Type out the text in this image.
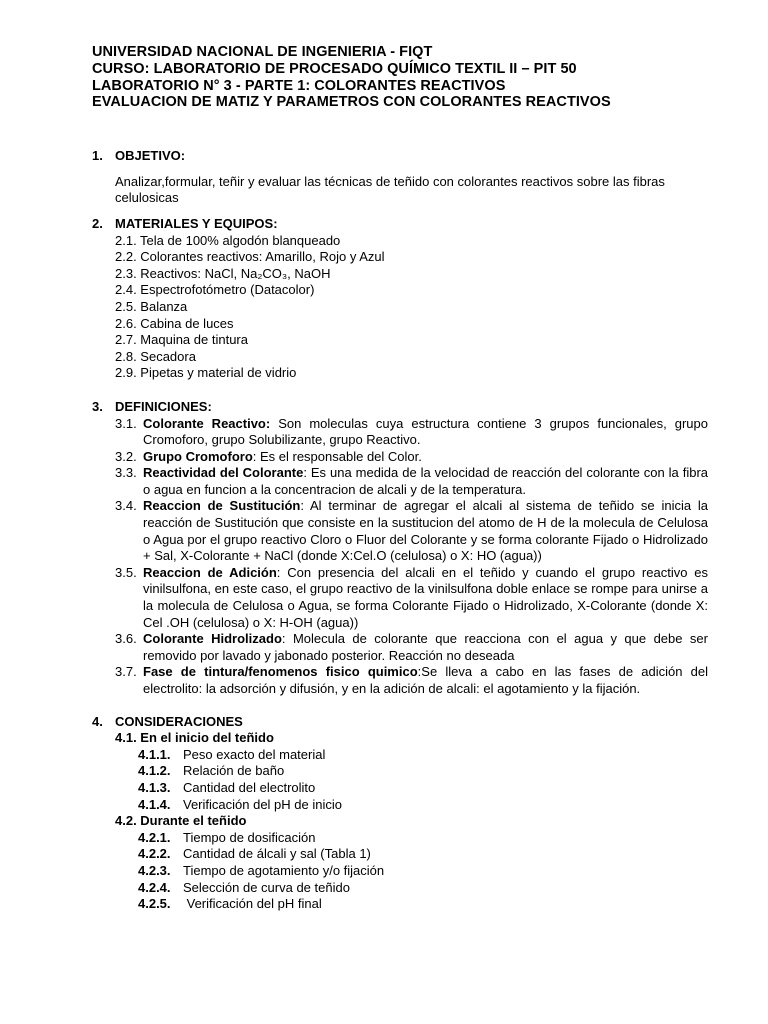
UNIVERSIDAD NACIONAL DE INGENIERIA - FIQT
CURSO: LABORATORIO DE PROCESADO QUÍMICO TEXTIL II – PIT 50
LABORATORIO N° 3 - PARTE 1: COLORANTES REACTIVOS
EVALUACION DE MATIZ Y PARAMETROS CON COLORANTES REACTIVOS
1. OBJETIVO:
Analizar,formular, teñir y evaluar las técnicas de teñido con colorantes reactivos sobre las fibras celulosicas
2. MATERIALES Y EQUIPOS:
2.1. Tela de 100% algodón blanqueado
2.2. Colorantes reactivos: Amarillo, Rojo y Azul
2.3. Reactivos: NaCl, Na₂CO₃, NaOH
2.4. Espectrofotómetro (Datacolor)
2.5. Balanza
2.6. Cabina de luces
2.7. Maquina de tintura
2.8. Secadora
2.9. Pipetas y material de vidrio
3. DEFINICIONES:
3.1. Colorante Reactivo: Son moleculas cuya estructura contiene 3 grupos funcionales, grupo Cromoforo, grupo Solubilizante, grupo Reactivo.
3.2. Grupo Cromoforo: Es el responsable del Color.
3.3. Reactividad del Colorante: Es una medida de la velocidad de reacción del colorante con la fibra o agua en funcion a la concentracion de alcali y de la temperatura.
3.4. Reaccion de Sustitución: Al terminar de agregar el alcali al sistema de teñido se inicia la reacción de Sustitución que consiste en la sustitucion del atomo de H de la molecula de Celulosa o Agua por el grupo reactivo Cloro o Fluor del Colorante y se forma colorante Fijado o Hidrolizado + Sal, X-Colorante + NaCl (donde X:Cel.O (celulosa) o X: HO (agua))
3.5. Reaccion de Adición: Con presencia del alcali en el teñido y cuando el grupo reactivo es vinilsulfona, en este caso, el grupo reactivo de la vinilsulfona doble enlace se rompe para unirse a la molecula de Celulosa o Agua, se forma Colorante Fijado o Hidrolizado, X-Colorante (donde X: Cel .OH (celulosa) o X: H-OH (agua))
3.6. Colorante Hidrolizado: Molecula de colorante que reacciona con el agua y que debe ser removido por lavado y jabonado posterior. Reacción no deseada
3.7. Fase de tintura/fenomenos fisico quimico:Se lleva a cabo en las fases de adición del electrolito: la adsorción y difusión, y en la adición de alcali: el agotamiento y la fijación.
4. CONSIDERACIONES
4.1. En el inicio del teñido
4.1.1. Peso exacto del material
4.1.2. Relación de baño
4.1.3. Cantidad del electrolito
4.1.4. Verificación del pH de inicio
4.2. Durante el teñido
4.2.1. Tiempo de dosificación
4.2.2. Cantidad de álcali y sal (Tabla 1)
4.2.3. Tiempo de agotamiento y/o fijación
4.2.4. Selección de curva de teñido
4.2.5. Verificación del pH final
